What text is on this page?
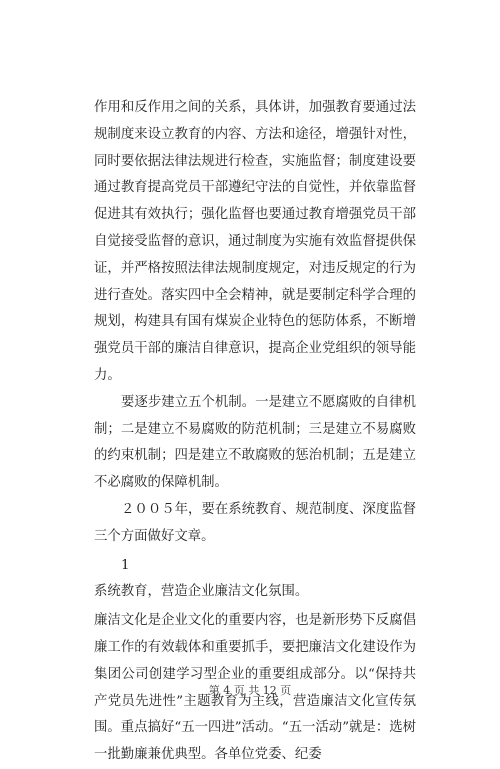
作用和反作用之间的关系，具体讲，加强教育要通过法规制度来设立教育的内容、方法和途径，增强针对性，同时要依据法律法规进行检查，实施监督；制度建设要通过教育提高党员干部遵纪守法的自觉性，并依靠监督促进其有效执行；强化监督也要通过教育增强党员干部自觉接受监督的意识，通过制度为实施有效监督提供保证，并严格按照法律法规制度规定，对违反规定的行为进行查处。落实四中全会精神，就是要制定科学合理的规划，构建具有国有煤炭企业特色的惩防体系，不断增强党员干部的廉洁自律意识，提高企业党组织的领导能力。

要逐步建立五个机制。一是建立不愿腐败的自律机制；二是建立不易腐败的防范机制；三是建立不易腐败的约束机制；四是建立不敢腐败的惩治机制；五是建立不必腐败的保障机制。

２００５年，要在系统教育、规范制度、深度监督三个方面做好文章。

1

系统教育，营造企业廉洁文化氛围。

廉洁文化是企业文化的重要内容，也是新形势下反腐倡廉工作的有效载体和重要抓手，要把廉洁文化建设作为集团公司创建学习型企业的重要组成部分。以“保持共产党员先进性”主题教育为主线，营造廉洁文化宣传氛围。重点搞好“五一四进”活动。“五一活动”就是：选树一批勤廉兼优典型。各单位党委、纪委

第 4 页 共 12 页
